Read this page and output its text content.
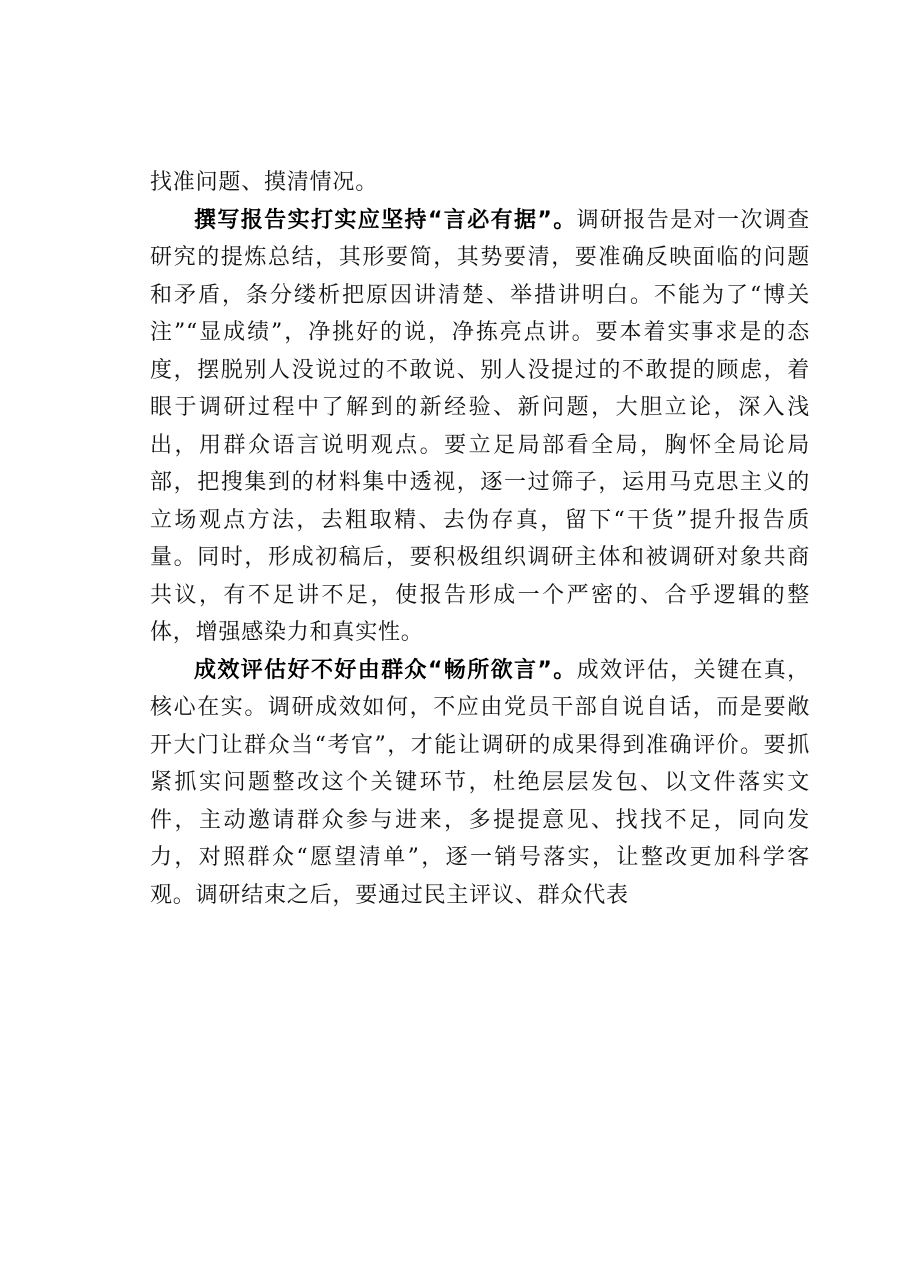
找准问题、摸清情况。

撰写报告实打实应坚持“言必有据”。调研报告是对一次调查研究的提炼总结，其形要简，其势要清，要准确反映面临的问题和矛盾，条分缕析把原因讲清楚、举措讲明白。不能为了“博关注”“显成绩”，净挑好的说，净拣亮点讲。要本着实事求是的态度，摆脱别人没说过的不敢说、别人没提过的不敢提的顾虑，着眼于调研过程中了解到的新经验、新问题，大胆立论，深入浅出，用群众语言说明观点。要立足局部看全局，胸怀全局论局部，把搜集到的材料集中透视，逐一过筛子，运用马克思主义的立场观点方法，去粗取精、去伪存真，留下“干货”提升报告质量。同时，形成初稿后，要积极组织调研主体和被调研对象共商共议，有不足讲不足，使报告形成一个严密的、合乎逻辑的整体，增强感染力和真实性。

成效评估好不好由群众“畅所欲言”。成效评估，关键在真，核心在实。调研成效如何，不应由党员干部自说自话，而是要敞开大门让群众当“考官”，才能让调研的成果得到准确评价。要抓紧抓实问题整改这个关键环节，杜绝层层发包、以文件落实文件，主动邀请群众参与进来，多提提意见、找找不足，同向发力，对照群众“愿望清单”，逐一销号落实，让整改更加科学客观。调研结束之后，要通过民主评议、群众代表
